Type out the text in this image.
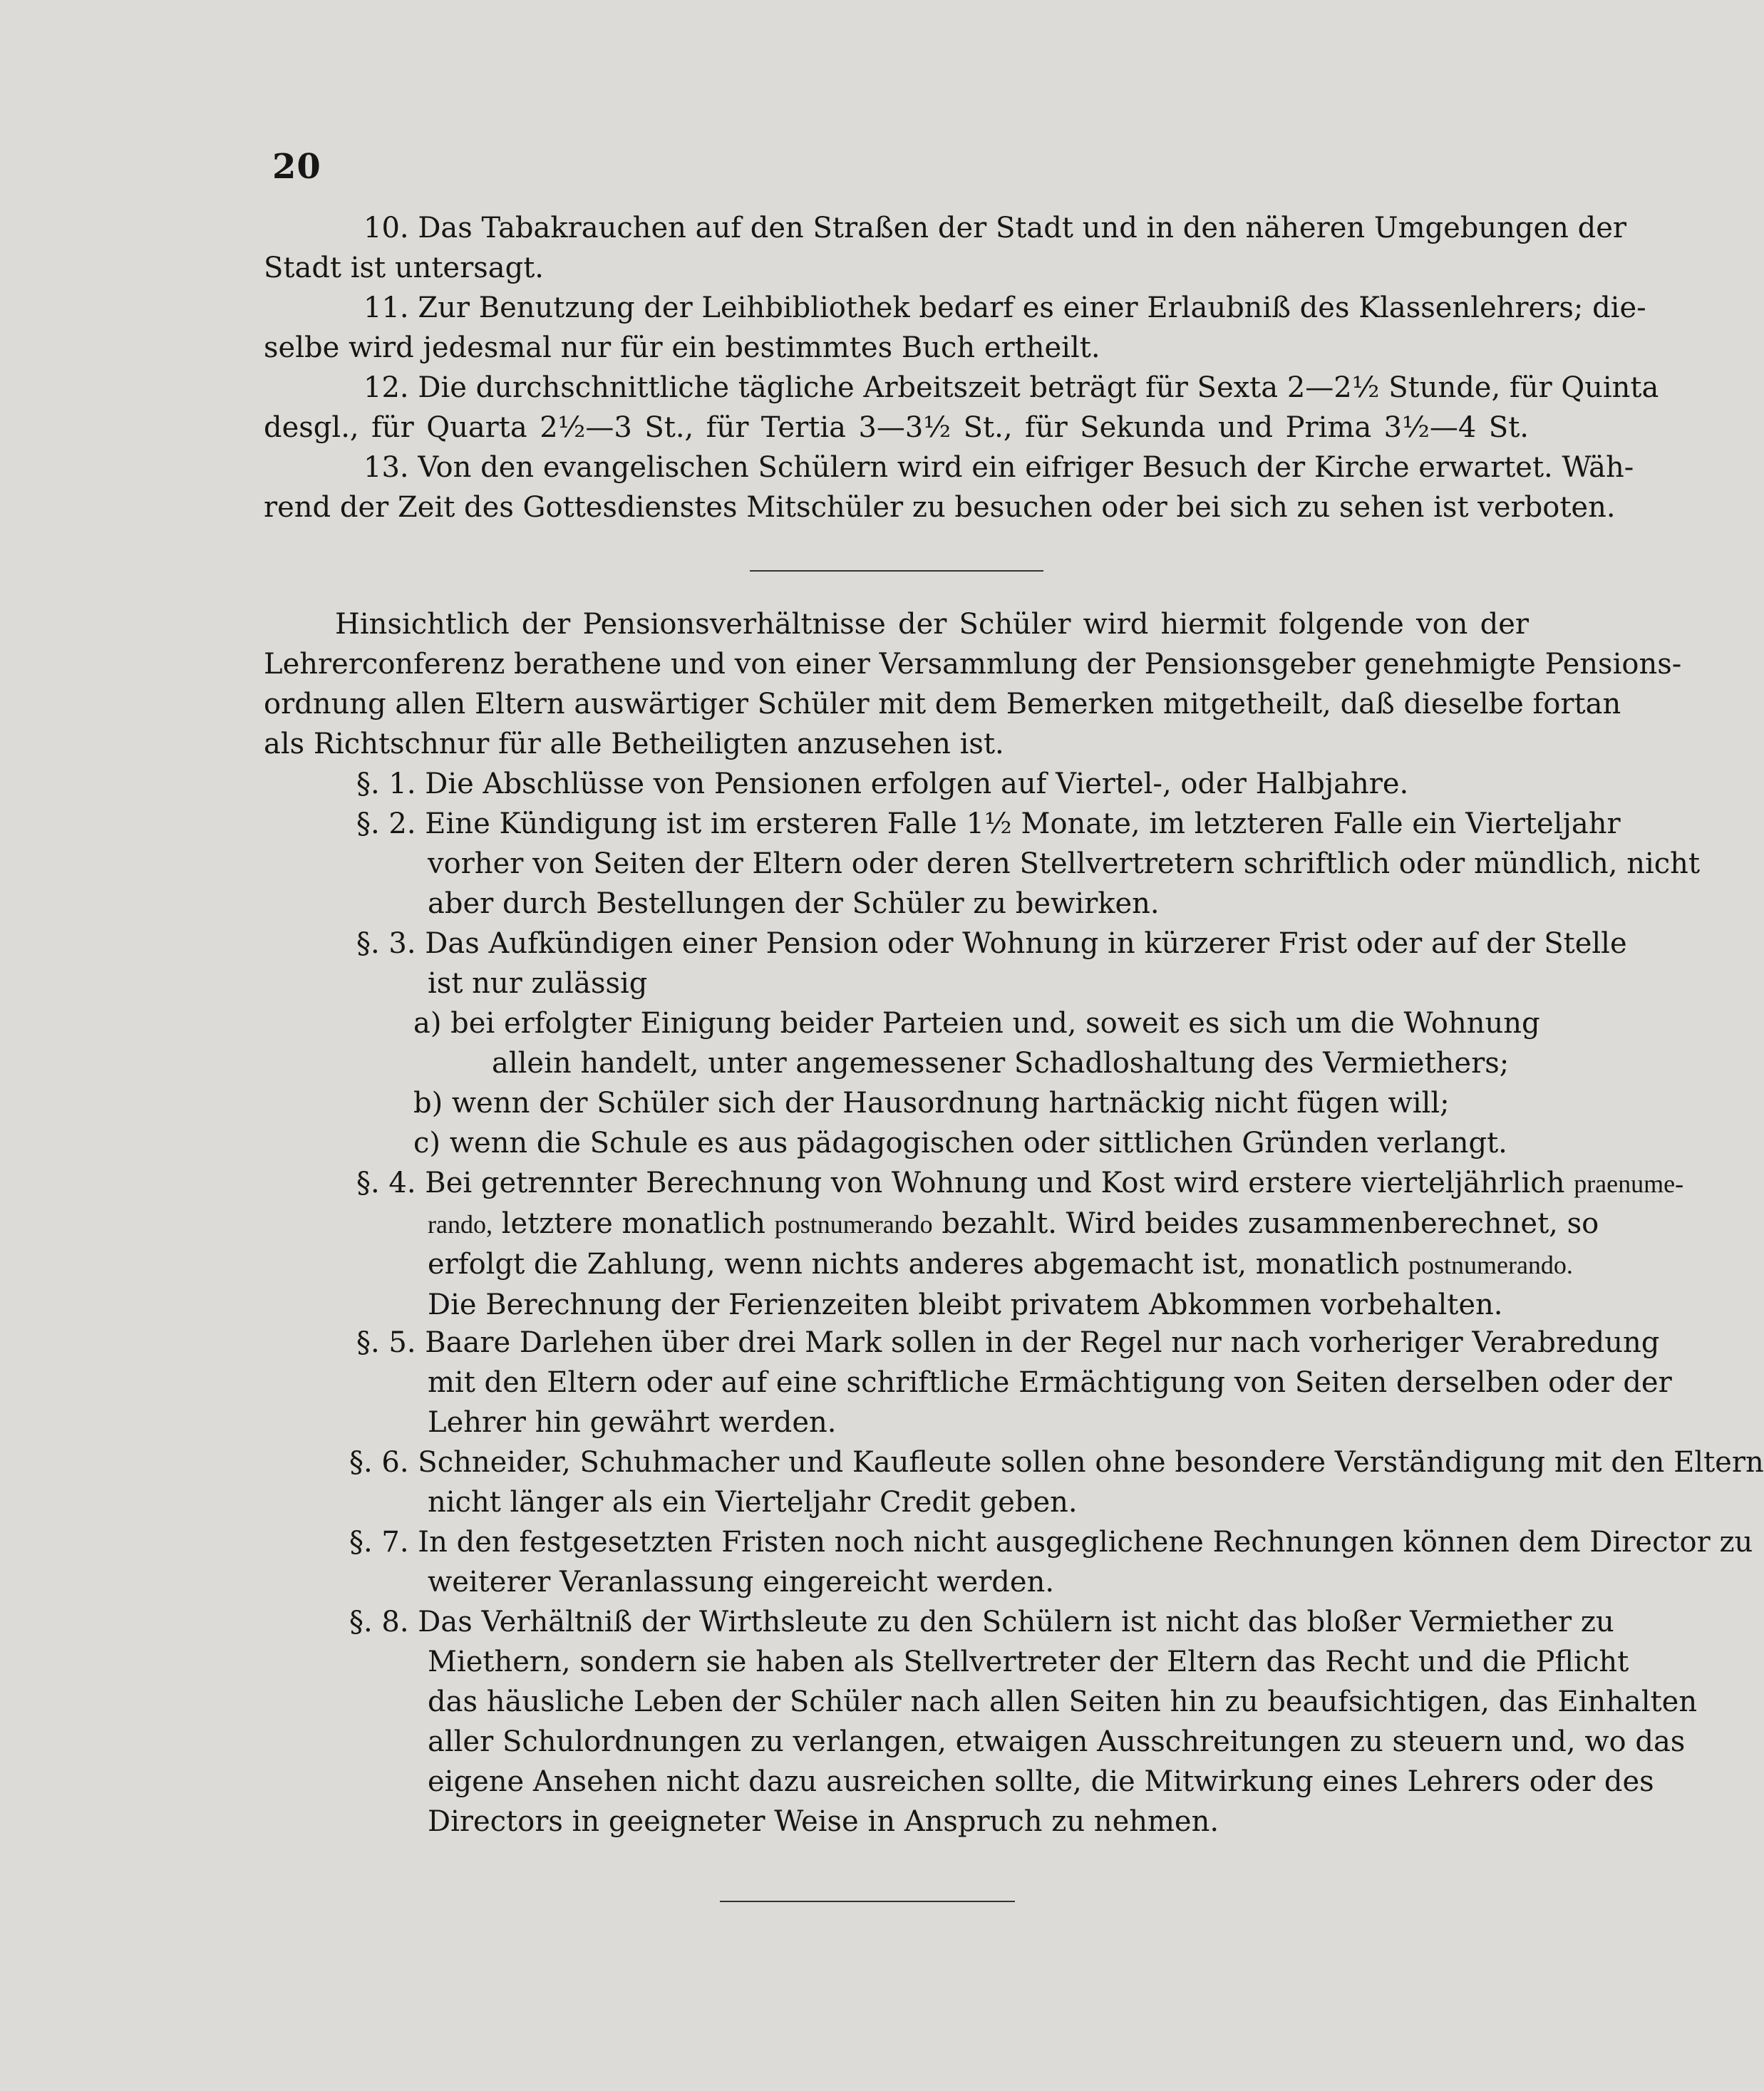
20
10. Das Tabakrauchen auf den Straßen der Stadt und in den näheren Umgebungen der
Stadt ist untersagt.
11. Zur Benutzung der Leihbibliothek bedarf es einer Erlaubniß des Klassenlehrers; die-
selbe wird jedesmal nur für ein bestimmtes Buch ertheilt.
12. Die durchschnittliche tägliche Arbeitszeit beträgt für Sexta 2—2½ Stunde, für Quinta
desgl., für Quarta 2½—3 St., für Tertia 3—3½ St., für Sekunda und Prima 3½—4 St.
13. Von den evangelischen Schülern wird ein eifriger Besuch der Kirche erwartet. Wäh-
rend der Zeit des Gottesdienstes Mitschüler zu besuchen oder bei sich zu sehen ist verboten.
Hinsichtlich der Pensionsverhältnisse der Schüler wird hiermit folgende von der
Lehrerconferenz berathene und von einer Versammlung der Pensionsgeber genehmigte Pensions-
ordnung allen Eltern auswärtiger Schüler mit dem Bemerken mitgetheilt, daß dieselbe fortan
als Richtschnur für alle Betheiligten anzusehen ist.
§. 1. Die Abschlüsse von Pensionen erfolgen auf Viertel-, oder Halbjahre.
§. 2. Eine Kündigung ist im ersteren Falle 1½ Monate, im letzteren Falle ein Vierteljahr
vorher von Seiten der Eltern oder deren Stellvertretern schriftlich oder mündlich, nicht
aber durch Bestellungen der Schüler zu bewirken.
§. 3. Das Aufkündigen einer Pension oder Wohnung in kürzerer Frist oder auf der Stelle
ist nur zulässig
a) bei erfolgter Einigung beider Parteien und, soweit es sich um die Wohnung
allein handelt, unter angemessener Schadloshaltung des Vermiethers;
b) wenn der Schüler sich der Hausordnung hartnäckig nicht fügen will;
c) wenn die Schule es aus pädagogischen oder sittlichen Gründen verlangt.
§. 4. Bei getrennter Berechnung von Wohnung und Kost wird erstere vierteljährlich praenume-
rando, letztere monatlich postnumerando bezahlt. Wird beides zusammenberechnet, so
erfolgt die Zahlung, wenn nichts anderes abgemacht ist, monatlich postnumerando.
Die Berechnung der Ferienzeiten bleibt privatem Abkommen vorbehalten.
§. 5. Baare Darlehen über drei Mark sollen in der Regel nur nach vorheriger Verabredung
mit den Eltern oder auf eine schriftliche Ermächtigung von Seiten derselben oder der
Lehrer hin gewährt werden.
§. 6. Schneider, Schuhmacher und Kaufleute sollen ohne besondere Verständigung mit den Eltern
nicht länger als ein Vierteljahr Credit geben.
§. 7. In den festgesetzten Fristen noch nicht ausgeglichene Rechnungen können dem Director zu
weiterer Veranlassung eingereicht werden.
§. 8. Das Verhältniß der Wirthsleute zu den Schülern ist nicht das bloßer Vermiether zu
Miethern, sondern sie haben als Stellvertreter der Eltern das Recht und die Pflicht
das häusliche Leben der Schüler nach allen Seiten hin zu beaufsichtigen, das Einhalten
aller Schulordnungen zu verlangen, etwaigen Ausschreitungen zu steuern und, wo das
eigene Ansehen nicht dazu ausreichen sollte, die Mitwirkung eines Lehrers oder des
Directors in geeigneter Weise in Anspruch zu nehmen.
